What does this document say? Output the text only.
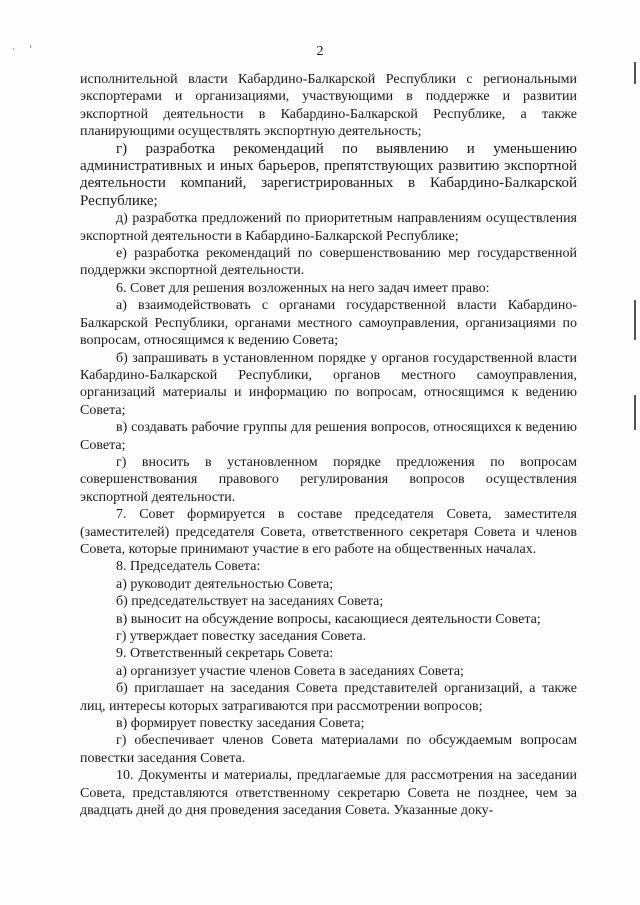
·’	2

исполнительной власти Кабардино-Балкарской Республики с региональными экспортерами и организациями, участвующими в поддержке и развитии экспортной деятельности в Кабардино-Балкарской Республике, а также планирующими осуществлять экспортную деятельность;

г) разработка рекомендаций по выявлению и уменьшению административных и иных барьеров, препятствующих развитию экспортной деятельности компаний, зарегистрированных в Кабардино-Балкарской Республике;

д) разработка предложений по приоритетным направлениям осуществления экспортной деятельности в Кабардино-Балкарской Республике;

е) разработка рекомендаций по совершенствованию мер государственной поддержки экспортной деятельности.

6. Совет для решения возложенных на него задач имеет право:

а) взаимодействовать с органами государственной власти Кабардино-Балкарской Республики, органами местного самоуправления, организациями по вопросам, относящимся к ведению Совета;

б) запрашивать в установленном порядке у органов государственной власти Кабардино-Балкарской Республики, органов местного самоуправления, организаций материалы и информацию по вопросам, относящимся к ведению Совета;

в) создавать рабочие группы для решения вопросов, относящихся к ведению Совета;

г) вносить в установленном порядке предложения по вопросам совершенствования правового регулирования вопросов осуществления экспортной деятельности.

7. Совет формируется в составе председателя Совета, заместителя (заместителей) председателя Совета, ответственного секретаря Совета и членов Совета, которые принимают участие в его работе на общественных началах.

8. Председатель Совета:

а) руководит деятельностью Совета;

б) председательствует на заседаниях Совета;

в) выносит на обсуждение вопросы, касающиеся деятельности Совета;

г) утверждает повестку заседания Совета.

9. Ответственный секретарь Совета:

а) организует участие членов Совета в заседаниях Совета;

б) приглашает на заседания Совета представителей организаций, а также лиц, интересы которых затрагиваются при рассмотрении вопросов;

в) формирует повестку заседания Совета;

г) обеспечивает членов Совета материалами по обсуждаемым вопросам повестки заседания Совета.

10. Документы и материалы, предлагаемые для рассмотрения на заседании Совета, представляются ответственному секретарю Совета не позднее, чем за двадцать дней до дня проведения заседания Совета. Указанные доку-
